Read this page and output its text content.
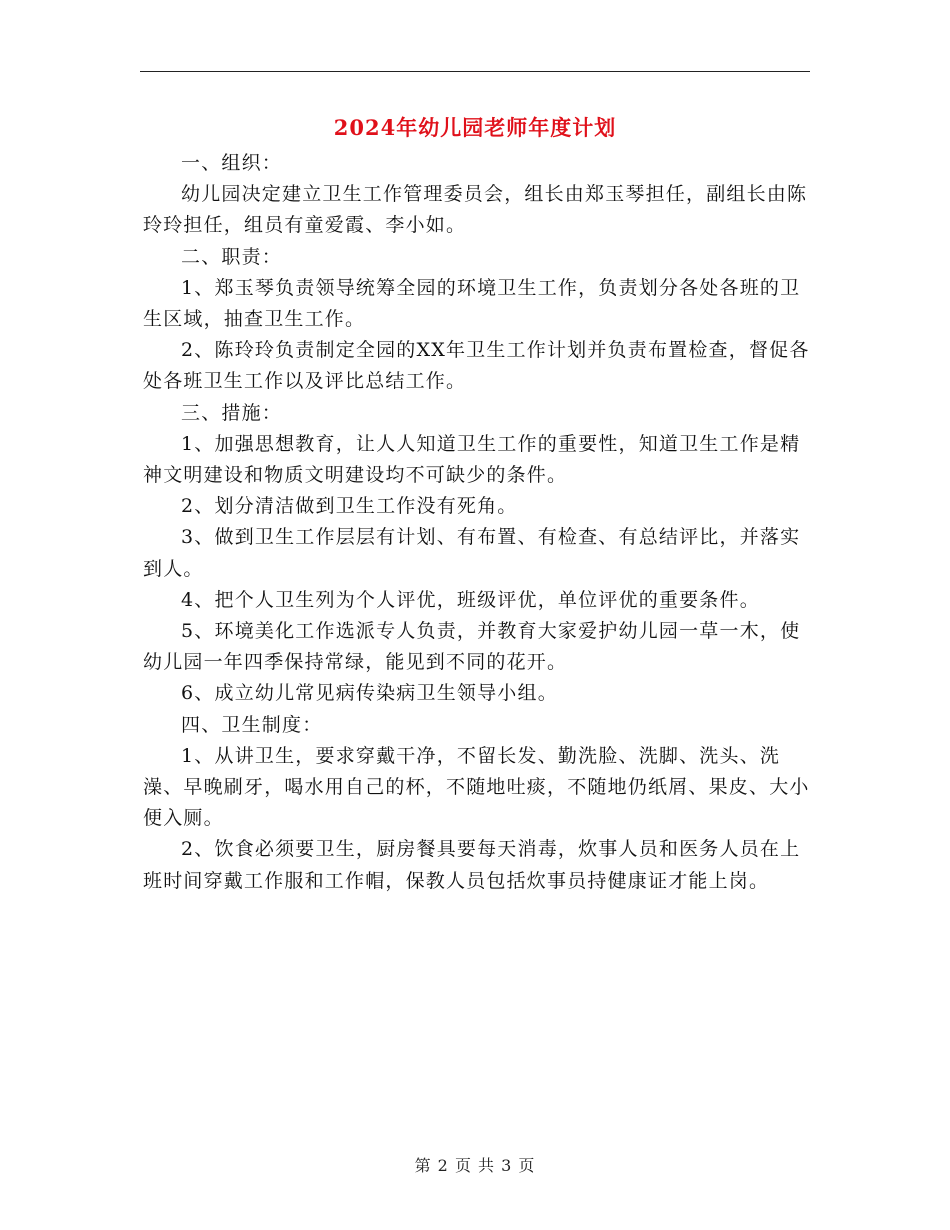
2024年幼儿园老师年度计划

一、组织：

幼儿园决定建立卫生工作管理委员会，组长由郑玉琴担任，副组长由陈玲玲担任，组员有童爱霞、李小如。

二、职责：

1、郑玉琴负责领导统筹全园的环境卫生工作，负责划分各处各班的卫生区域，抽查卫生工作。

2、陈玲玲负责制定全园的XX年卫生工作计划并负责布置检查，督促各处各班卫生工作以及评比总结工作。

三、措施：

1、加强思想教育，让人人知道卫生工作的重要性，知道卫生工作是精神文明建设和物质文明建设均不可缺少的条件。

2、划分清洁做到卫生工作没有死角。

3、做到卫生工作层层有计划、有布置、有检查、有总结评比，并落实到人。

4、把个人卫生列为个人评优，班级评优，单位评优的重要条件。

5、环境美化工作选派专人负责，并教育大家爱护幼儿园一草一木，使幼儿园一年四季保持常绿，能见到不同的花开。

6、成立幼儿常见病传染病卫生领导小组。

四、卫生制度：

1、从讲卫生，要求穿戴干净，不留长发、勤洗脸、洗脚、洗头、洗澡、早晚刷牙，喝水用自己的杯，不随地吐痰，不随地仍纸屑、果皮、大小便入厕。

2、饮食必须要卫生，厨房餐具要每天消毒，炊事人员和医务人员在上班时间穿戴工作服和工作帽，保教人员包括炊事员持健康证才能上岗。

第 2 页 共 3 页
